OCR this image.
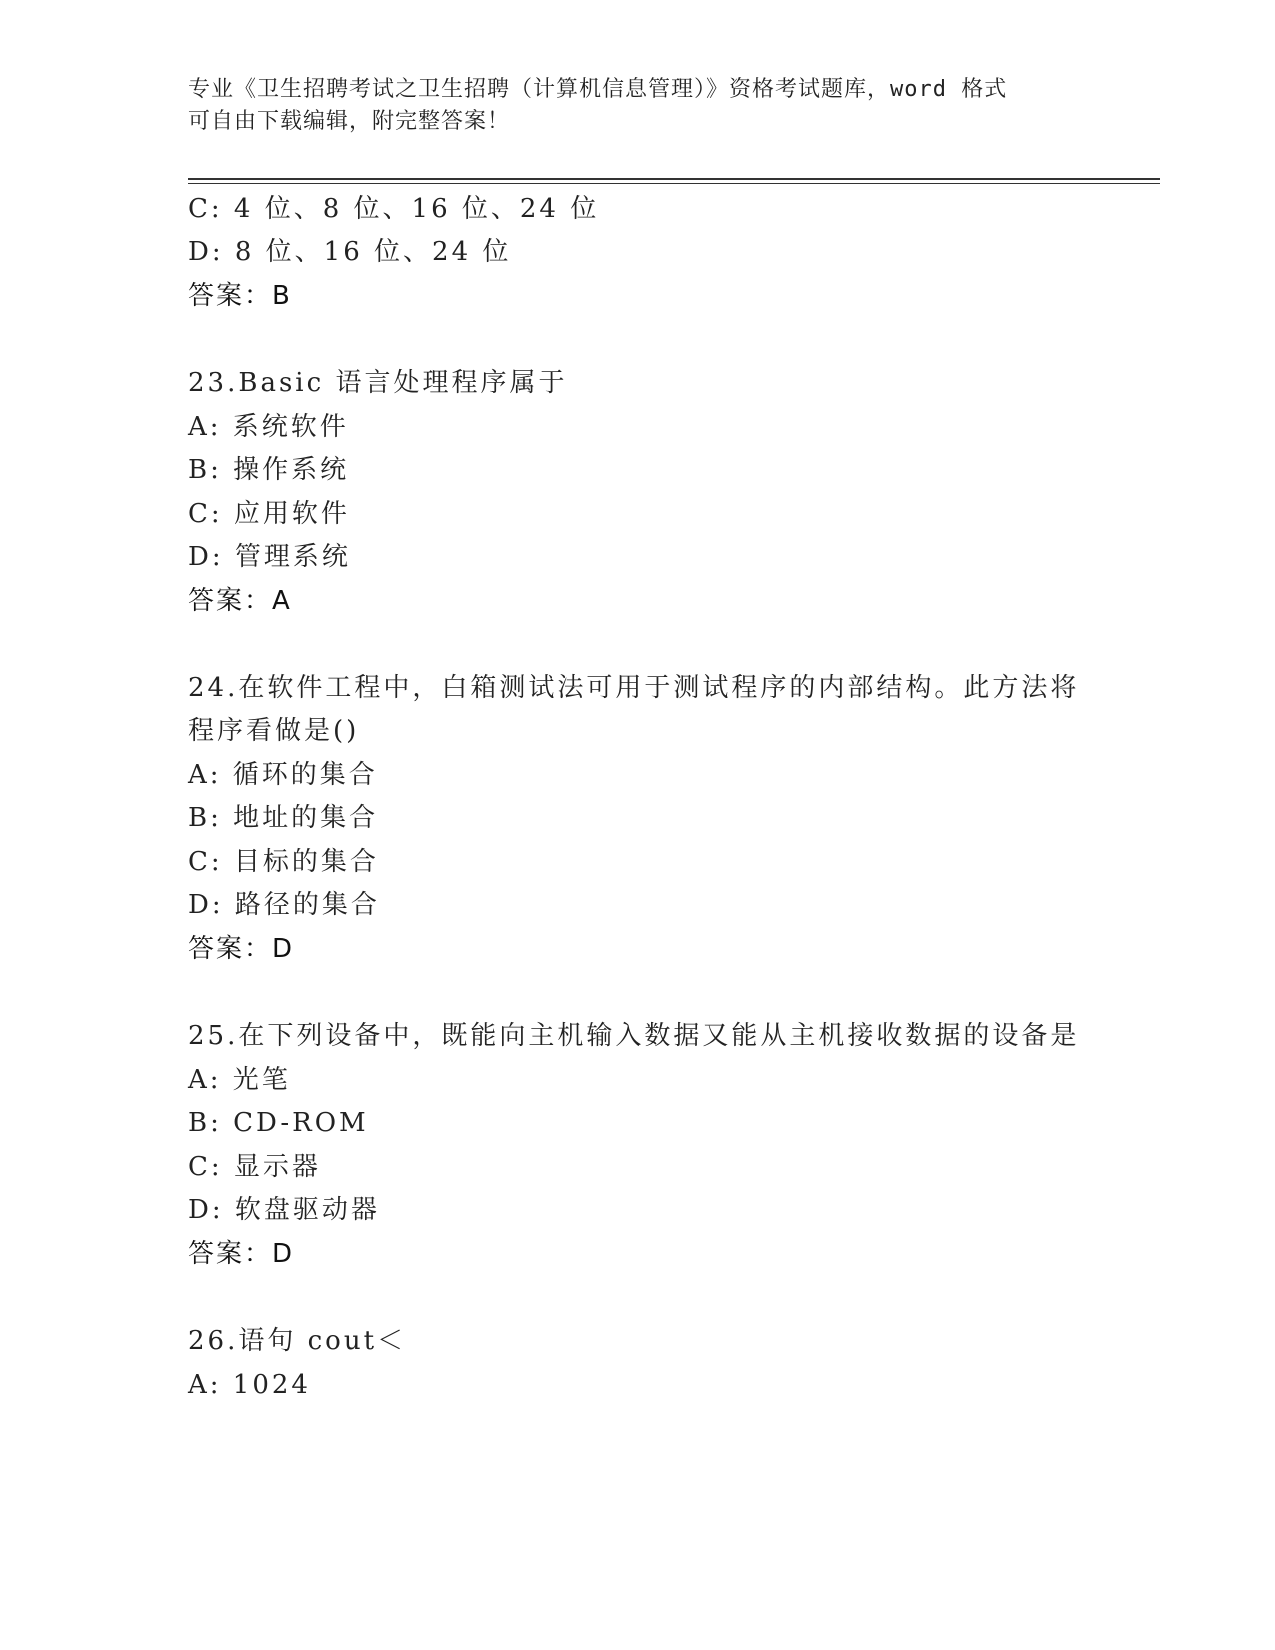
专业《卫生招聘考试之卫生招聘（计算机信息管理）》资格考试题库，word 格式
可自由下载编辑，附完整答案！
C: 4 位、8 位、16 位、24 位
D: 8 位、16 位、24 位
答案：B
23.Basic 语言处理程序属于
A: 系统软件
B: 操作系统
C: 应用软件
D: 管理系统
答案：A
24.在软件工程中，白箱测试法可用于测试程序的内部结构。此方法将
程序看做是()
A: 循环的集合
B: 地址的集合
C: 目标的集合
D: 路径的集合
答案：D
25.在下列设备中，既能向主机输入数据又能从主机接收数据的设备是
A: 光笔
B: CD-ROM
C: 显示器
D: 软盘驱动器
答案：D
26.语句 cout＜
A: 1024
